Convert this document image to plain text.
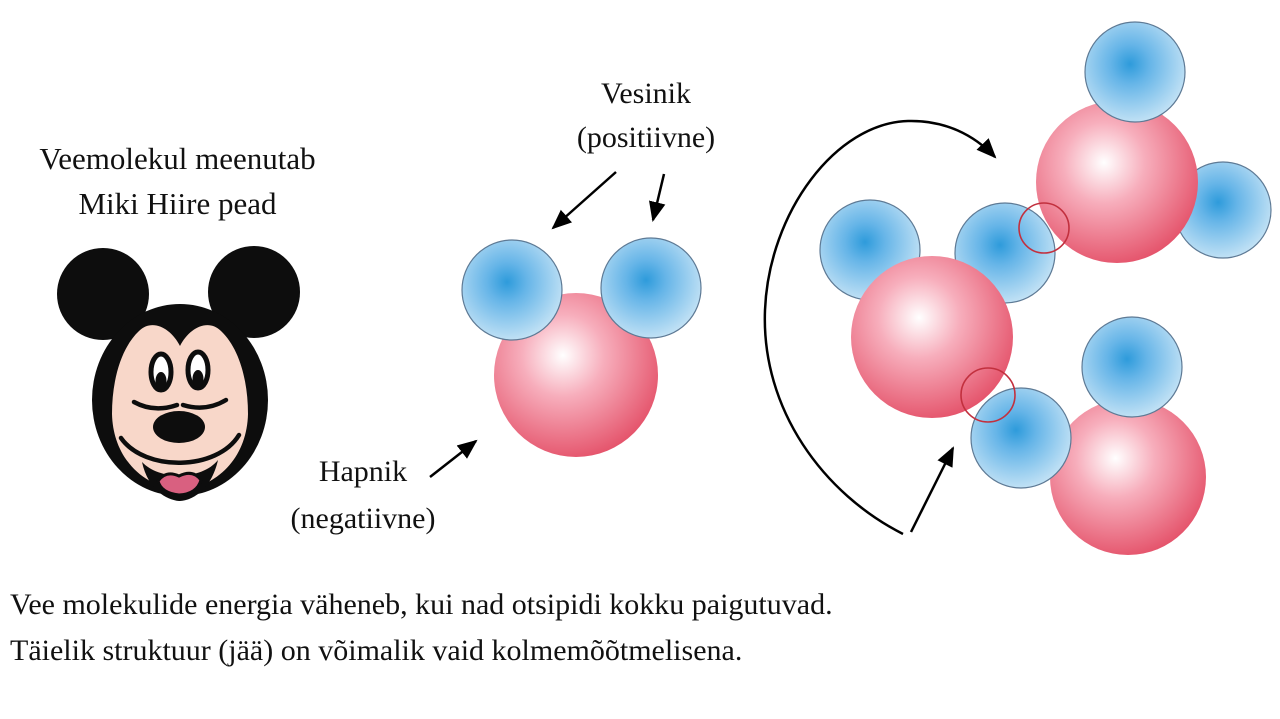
Veemolekul meenutab
Miki Hiire pead
Vesinik
(positiivne)
Hapnik
(negatiivne)
Vee molekulide energia väheneb, kui nad otsipidi kokku paigutuvad.
Täielik struktuur (jää) on võimalik vaid kolmemõõtmelisena.
